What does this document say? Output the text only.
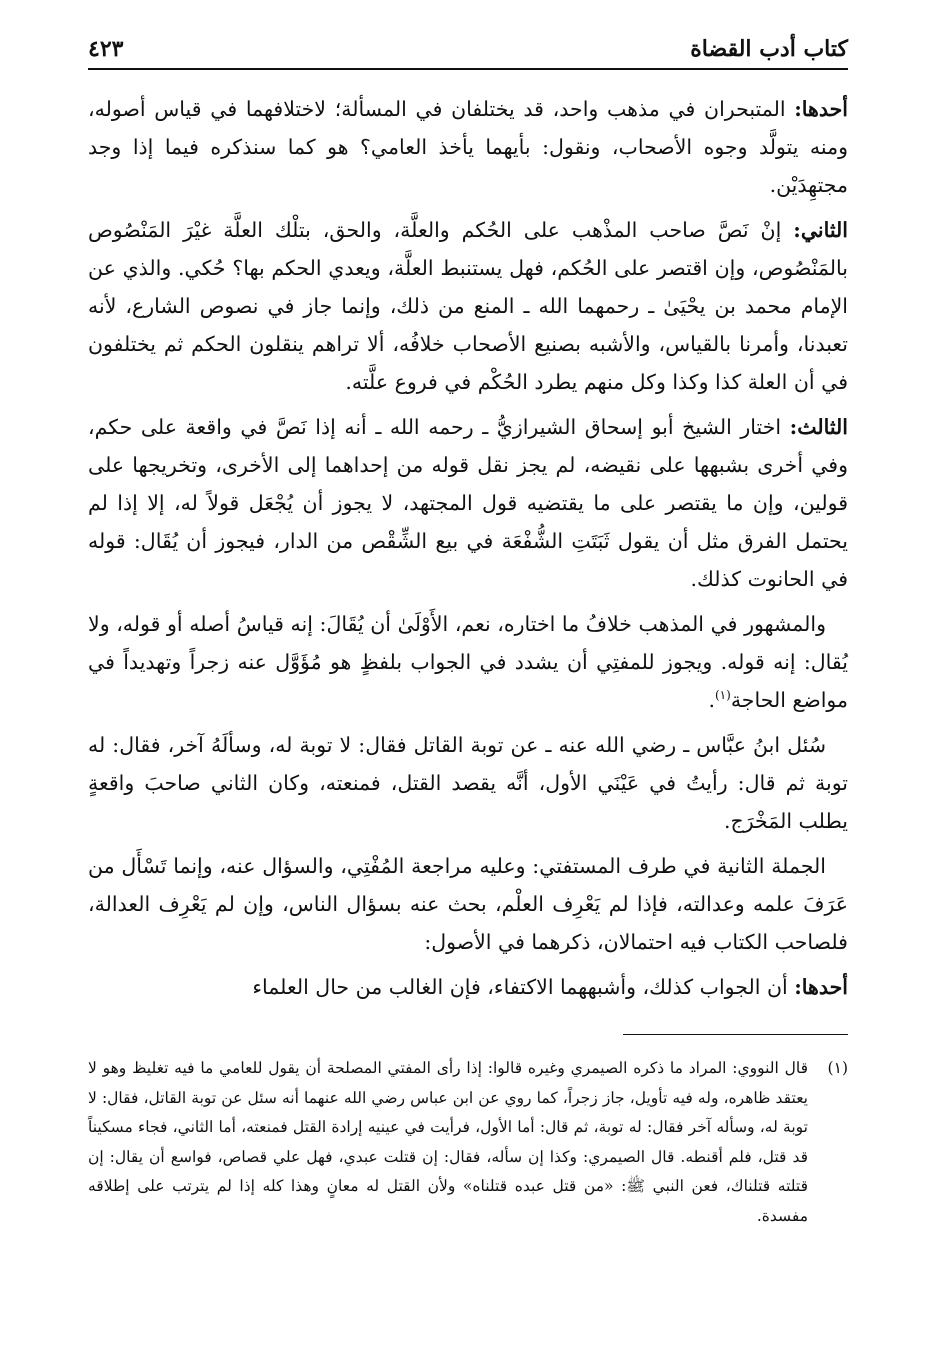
كتاب أدب القضاة
٤٢٣

أحدها: المتبحران في مذهب واحد، قد يختلفان في المسألة؛ لاختلافهما في قياس أصوله، ومنه يتولَّد وجوه الأصحاب، ونقول: بأيهما يأخذ العامي؟ هو كما سنذكره فيما إذا وجد مجتهِدَيْن.

الثاني: إنْ نَصَّ صاحب المذْهب على الحُكم والعلَّة، والحق، بتلْك العلَّة غيْرَ المَنْصُوص بالمَنْصُوص، وإن اقتصر على الحُكم، فهل يستنبط العلَّة، ويعدي الحكم بها؟ حُكي. والذي عن الإمام محمد بن يحْيَىٰ ـ رحمهما الله ـ المنع من ذلك، وإنما جاز في نصوص الشارع، لأنه تعبدنا، وأمرنا بالقياس، والأشبه بصنيع الأصحاب خلافُه، ألا تراهم ينقلون الحكم ثم يختلفون في أن العلة كذا وكذا وكل منهم يطرد الحُكْم في فروع علَّته.

الثالث: اختار الشيخ أبو إسحاق الشيرازيُّ ـ رحمه الله ـ أنه إذا نَصَّ في واقعة على حكم، وفي أخرى بشبهها على نقيضه، لم يجز نقل قوله من إحداهما إلى الأخرى، وتخريجها على قولين، وإن ما يقتصر على ما يقتضيه قول المجتهد، لا يجوز أن يُجْعَل قولاً له، إلا إذا لم يحتمل الفرق مثل أن يقول ثَبَتَتِ الشُّفْعَة في بيع الشِّقْص من الدار، فيجوز أن يُقَال: قوله في الحانوت كذلك.

والمشهور في المذهب خلافُ ما اختاره، نعم، الأَوْلَىٰ أن يُقَالَ: إنه قياسُ أصله أو قوله، ولا يُقال: إنه قوله. ويجوز للمفتِي أن يشدد في الجواب بلفظٍ هو مُؤَوَّل عنه زجراً وتهديداً في مواضع الحاجة$^{(١)}$.

سُئل ابنُ عبَّاس ـ رضي الله عنه ـ عن توبة القاتل فقال: لا توبة له، وسألَهُ آخر، فقال: له توبة ثم قال: رأيتُ في عَيْنَي الأول، أنَّه يقصد القتل، فمنعته، وكان الثاني صاحبَ واقعةٍ يطلب المَخْرَج.

الجملة الثانية في طرف المستفتي: وعليه مراجعة المُفْتِي، والسؤال عنه، وإنما تَسْأَل من عَرَفَ علمه وعدالته، فإذا لم يَعْرِف العلْم، بحث عنه بسؤال الناس، وإن لم يَعْرِف العدالة، فلصاحب الكتاب فيه احتمالان، ذكرهما في الأصول:

أحدها: أن الجواب كذلك، وأشبههما الاكتفاء، فإن الغالب من حال العلماء

(١)
قال النووي: المراد ما ذكره الصيمري وغيره قالوا: إذا رأى المفتي المصلحة أن يقول للعامي ما فيه تغليظ وهو لا يعتقد ظاهره، وله فيه تأويل، جاز زجراً، كما روي عن ابن عباس رضي الله عنهما أنه سئل عن توبة القاتل، فقال: لا توبة له، وسأله آخر فقال: له توبة، ثم قال: أما الأول، فرأيت في عينيه إرادة القتل فمنعته، أما الثاني، فجاء مسكيناً قد قتل، فلم أقنطه. قال الصيمري: وكذا إن سأله، فقال: إن قتلت عبدي، فهل علي قصاص، فواسع أن يقال: إن قتلته قتلناك، فعن النبي ﷺ: «من قتل عبده قتلناه» ولأن القتل له معانٍ وهذا كله إذا لم يترتب على إطلاقه مفسدة.
